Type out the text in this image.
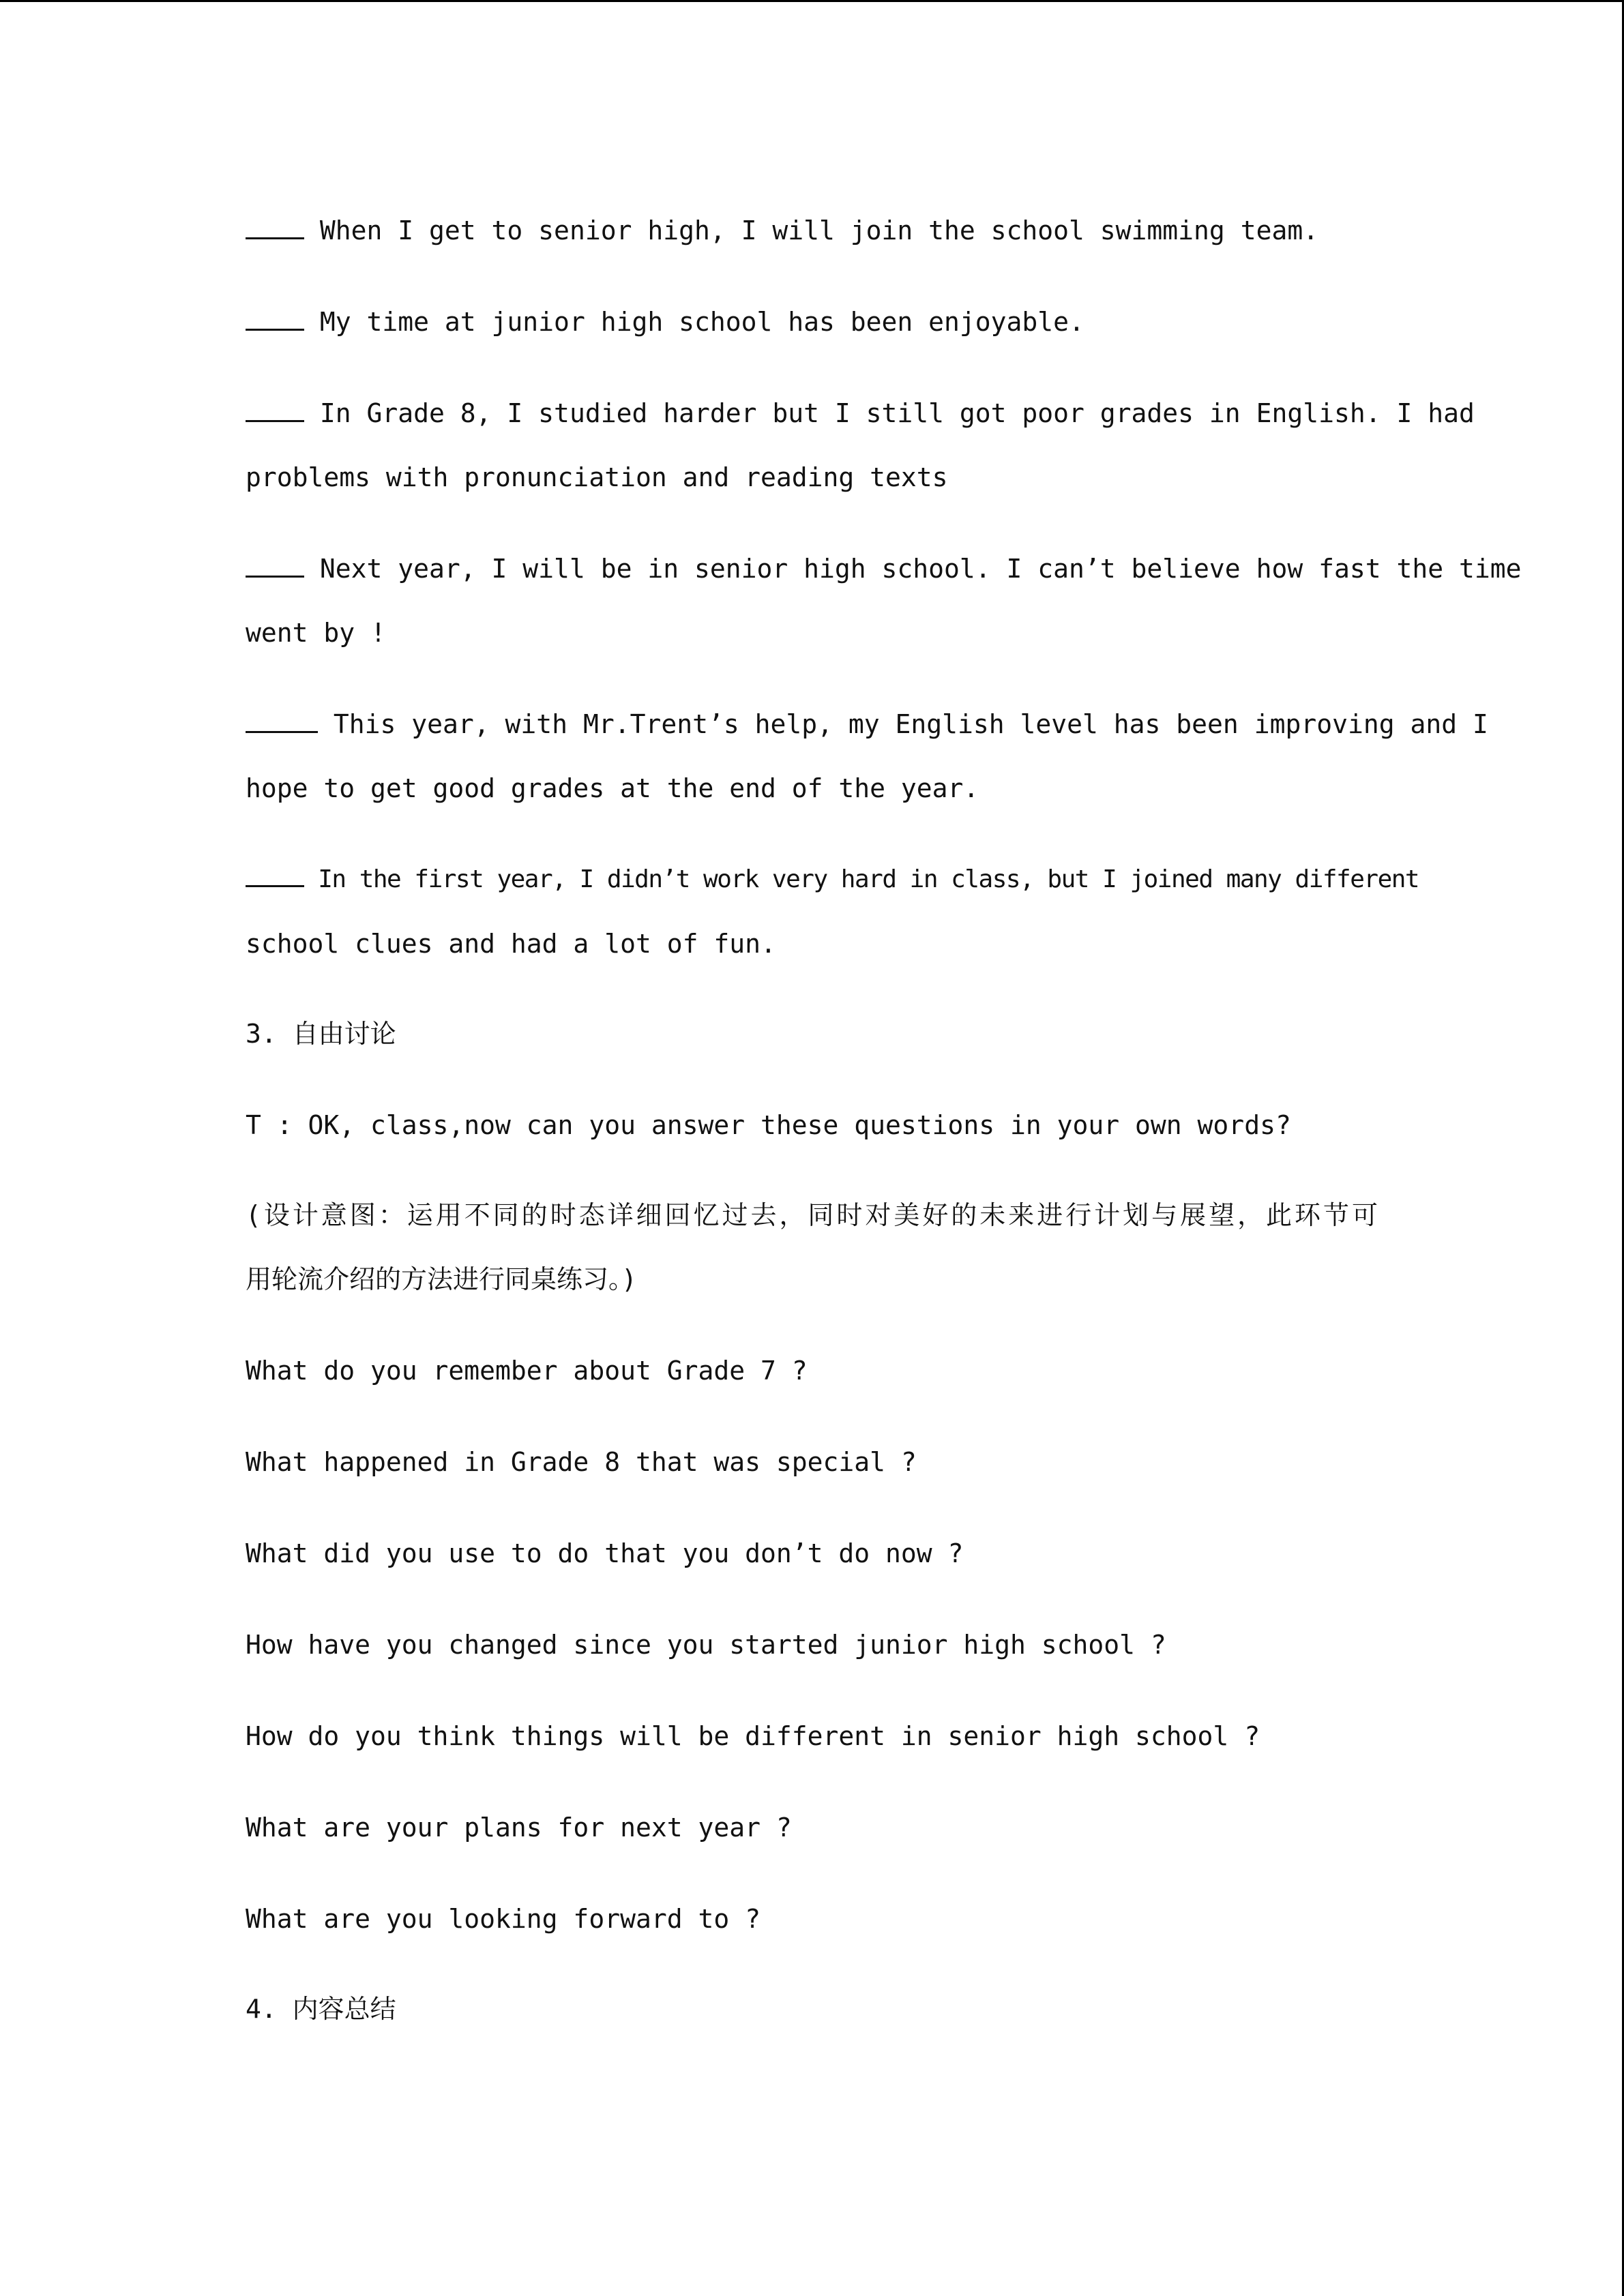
When I get to senior high, I will join the school swimming team.
My time at junior high school has been enjoyable.
In Grade 8, I studied harder but I still got poor grades in English. I had
problems with pronunciation and reading texts
Next year, I will be in senior high school. I can’t believe how fast the time
went by !
This year, with Mr.Trent’s help, my English level has been improving and I
hope to get good grades at the end of the year.
In the first year, I didn’t work very hard in class, but I joined many different
school clues and had a lot of fun.
3. 自由讨论
T : OK, class,now can you answer these questions in your own words?
(设计意图：运用不同的时态详细回忆过去，同时对美好的未来进行计划与展望，此环节可
用轮流介绍的方法进行同桌练习。)
What do you remember about Grade 7 ?
What happened in Grade 8 that was special ?
What did you use to do that you don’t do now ?
How have you changed since you started junior high school ?
How do you think things will be different in senior high school ?
What are your plans for next year ?
What are you looking forward to ?
4. 内容总结
